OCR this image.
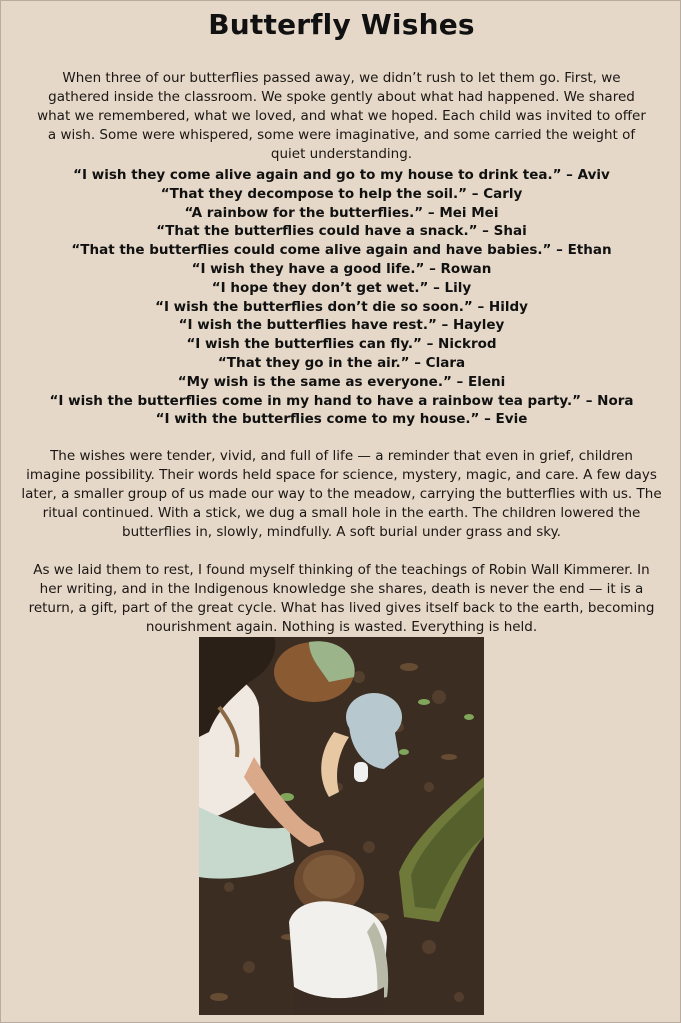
Butterfly Wishes

When three of our butterflies passed away, we didn’t rush to let them go. First, we gathered inside the classroom. We spoke gently about what had happened. We shared what we remembered, what we loved, and what we hoped. Each child was invited to offer a wish. Some were whispered, some were imaginative, and some carried the weight of quiet understanding.

“I wish they come alive again and go to my house to drink tea.” – Aviv
“That they decompose to help the soil.” – Carly
“A rainbow for the butterflies.” – Mei Mei
“That the butterflies could have a snack.” – Shai
“That the butterflies could come alive again and have babies.” – Ethan
“I wish they have a good life.” – Rowan
“I hope they don’t get wet.” – Lily
“I wish the butterflies don’t die so soon.” – Hildy
“I wish the butterflies have rest.” – Hayley
“I wish the butterflies can fly.” – Nickrod
“That they go in the air.” – Clara
“My wish is the same as everyone.” – Eleni
“I wish the butterflies come in my hand to have a rainbow tea party.” – Nora
“I with the butterflies come to my house.” – Evie

The wishes were tender, vivid, and full of life — a reminder that even in grief, children imagine possibility. Their words held space for science, mystery, magic, and care. A few days later, a smaller group of us made our way to the meadow, carrying the butterflies with us. The ritual continued. With a stick, we dug a small hole in the earth. The children lowered the butterflies in, slowly, mindfully. A soft burial under grass and sky.

As we laid them to rest, I found myself thinking of the teachings of Robin Wall Kimmerer. In her writing, and in the Indigenous knowledge she shares, death is never the end — it is a return, a gift, part of the great cycle. What has lived gives itself back to the earth, becoming nourishment again. Nothing is wasted. Everything is held.
